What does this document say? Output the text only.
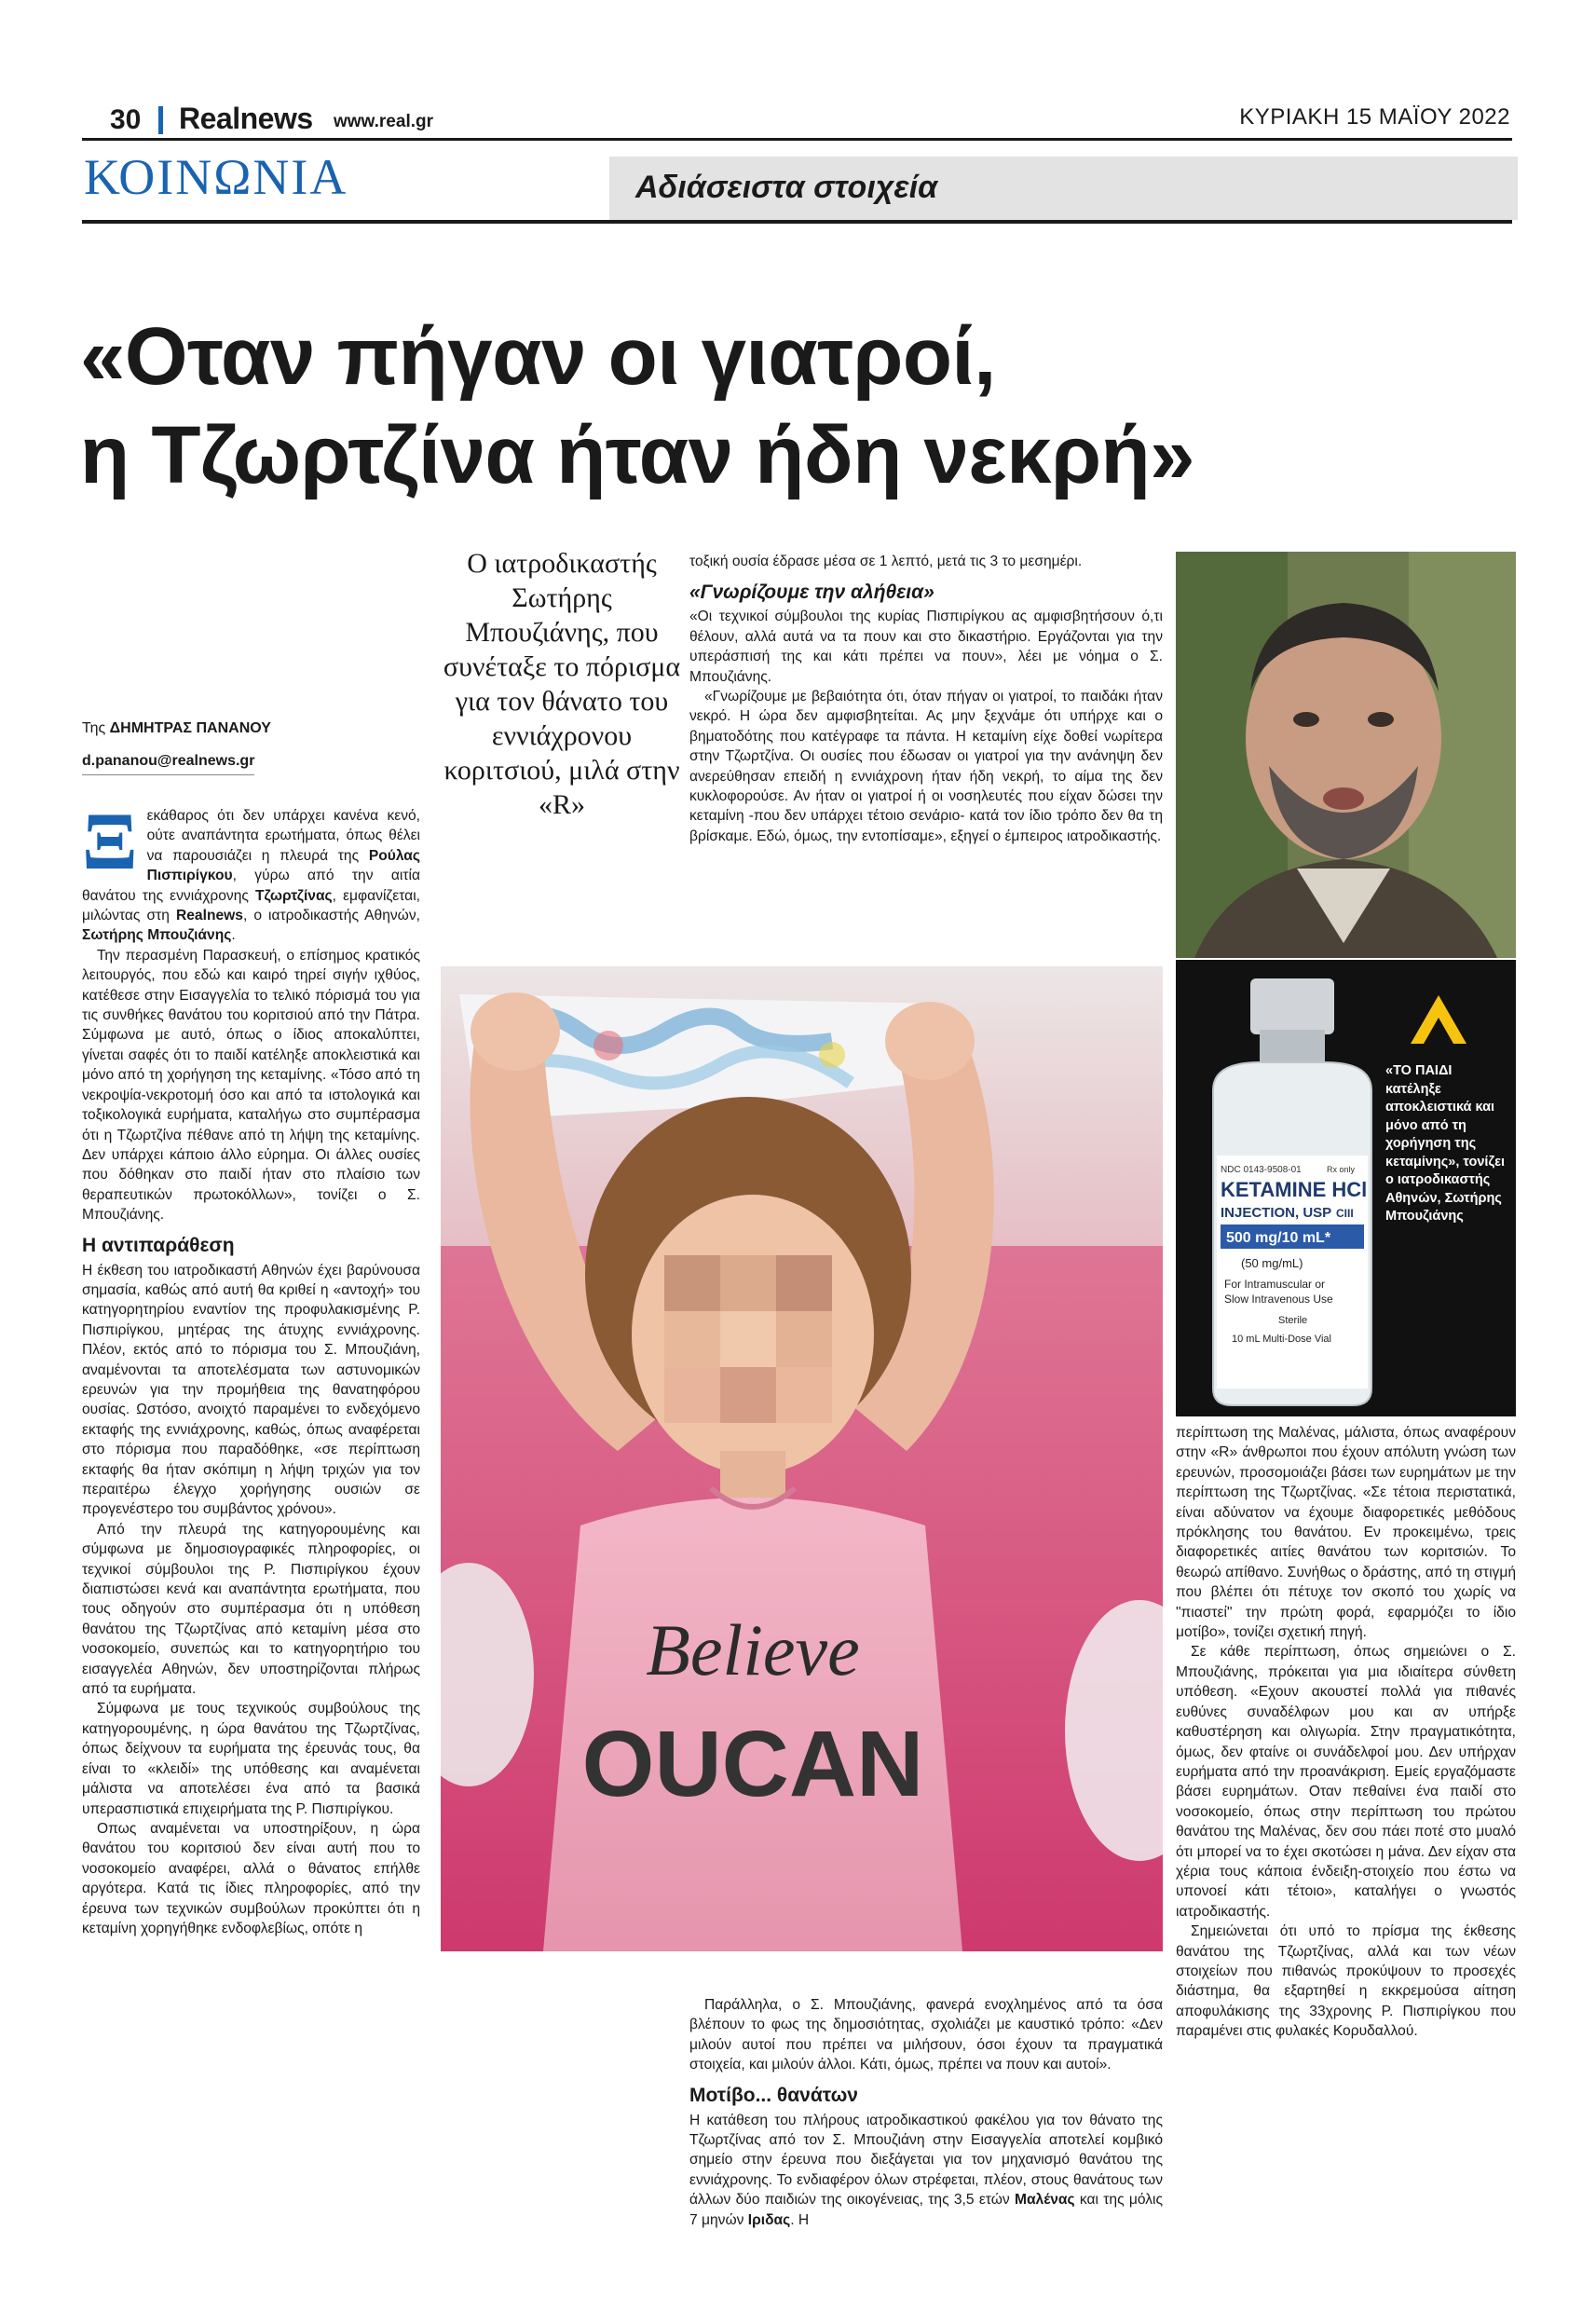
30 Realnews www.real.gr	ΚΥΡΙΑΚΗ 15 ΜΑΪΟΥ 2022
ΚΟΙΝΩΝΙΑ	Αδιάσειστα στοιχεία
«Οταν πήγαν οι γιατροί,
η Τζωρτζίνα ήταν ήδη νεκρή»
Ο ιατροδικαστής Σωτήρης Μπουζιάνης, που συνέταξε το πόρισμα για τον θάνατο του εννιάχρονου κοριτσιού, μιλά στην «R»
Της ΔΗΜΗΤΡΑΣ ΠΑΝΑΝΟΥ
d.pananou@realnews.gr

Ξεκάθαρος ότι δεν υπάρχει κανένα κενό, ούτε αναπάντητα ερωτήματα, όπως θέλει να παρουσιάζει η πλευρά της Ρούλας Πισπιρίγκου, γύρω από την αιτία θανάτου της εννιάχρονης Τζωρτζίνας, εμφανίζεται, μιλώντας στη Realnews, ο ιατροδικαστής Αθηνών, Σωτήρης Μπουζιάνης.

Την περασμένη Παρασκευή, ο επίσημος κρατικός λειτουργός, που εδώ και καιρό τηρεί σιγήν ιχθύος, κατέθεσε στην Εισαγγελία το τελικό πόρισμά του για τις συνθήκες θανάτου του κοριτσιού από την Πάτρα. Σύμφωνα με αυτό, όπως ο ίδιος αποκαλύπτει, γίνεται σαφές ότι το παιδί κατέληξε αποκλειστικά και μόνο από τη χορήγηση της κεταμίνης. «Τόσο από τη νεκροψία-νεκροτομή όσο και από τα ιστολογικά και τοξικολογικά ευρήματα, καταλήγω στο συμπέρασμα ότι η Τζωρτζίνα πέθανε από τη λήψη της κεταμίνης. Δεν υπάρχει κάποιο άλλο εύρημα. Οι άλλες ουσίες που δόθηκαν στο παιδί ήταν στο πλαίσιο των θεραπευτικών πρωτοκόλλων», τονίζει ο Σ. Μπουζιάνης.

Η αντιπαράθεση

Η έκθεση του ιατροδικαστή Αθηνών έχει βαρύνουσα σημασία, καθώς από αυτή θα κριθεί η «αντοχή» του κατηγορητηρίου εναντίον της προφυλακισμένης Ρ. Πισπιρίγκου, μητέρας της άτυχης εννιάχρονης. Πλέον, εκτός από το πόρισμα του Σ. Μπουζιάνη, αναμένονται τα αποτελέσματα των αστυνομικών ερευνών για την προμήθεια της θανατηφόρου ουσίας. Ωστόσο, ανοιχτό παραμένει το ενδεχόμενο εκταφής της εννιάχρονης, καθώς, όπως αναφέρεται στο πόρισμα που παραδόθηκε, «σε περίπτωση εκταφής θα ήταν σκόπιμη η λήψη τριχών για τον περαιτέρω έλεγχο χορήγησης ουσιών σε προγενέστερο του συμβάντος χρόνου».

Από την πλευρά της κατηγορουμένης και σύμφωνα με δημοσιογραφικές πληροφορίες, οι τεχνικοί σύμβουλοι της Ρ. Πισπιρίγκου έχουν διαπιστώσει κενά και αναπάντητα ερωτήματα, που τους οδηγούν στο συμπέρασμα ότι η υπόθεση θανάτου της Τζωρτζίνας από κεταμίνη μέσα στο νοσοκομείο, συνεπώς και το κατηγορητήριο του εισαγγελέα Αθηνών, δεν υποστηρίζονται πλήρως από τα ευρήματα.

Σύμφωνα με τους τεχνικούς συμβούλους της κατηγορουμένης, η ώρα θανάτου της Τζωρτζίνας, όπως δείχνουν τα ευρήματα της έρευνάς τους, θα είναι το «κλειδί» της υπόθεσης και αναμένεται μάλιστα να αποτελέσει ένα από τα βασικά υπερασπιστικά επιχειρήματα της Ρ. Πισπιρίγκου.

Οπως αναμένεται να υποστηρίξουν, η ώρα θανάτου του κοριτσιού δεν είναι αυτή που το νοσοκομείο αναφέρει, αλλά ο θάνατος επήλθε αργότερα. Κατά τις ίδιες πληροφορίες, από την έρευνα των τεχνικών συμβούλων προκύπτει ότι η κεταμίνη χορηγήθηκε ενδοφλεβίως, οπότε η

τοξική ουσία έδρασε μέσα σε 1 λεπτό, μετά τις 3 το μεσημέρι.

«Γνωρίζουμε την αλήθεια»

«Οι τεχνικοί σύμβουλοι της κυρίας Πισπιρίγκου ας αμφισβητήσουν ό,τι θέλουν, αλλά αυτά να τα πουν και στο δικαστήριο. Εργάζονται για την υπεράσπισή της και κάτι πρέπει να πουν», λέει με νόημα ο Σ. Μπουζιάνης.

«Γνωρίζουμε με βεβαιότητα ότι, όταν πήγαν οι γιατροί, το παιδάκι ήταν νεκρό. Η ώρα δεν αμφισβητείται. Ας μην ξεχνάμε ότι υπήρχε και ο βηματοδότης που κατέγραφε τα πάντα. Η κεταμίνη είχε δοθεί νωρίτερα στην Τζωρτζίνα. Οι ουσίες που έδωσαν οι γιατροί για την ανάνηψη δεν ανερεύθησαν επειδή η εννιάχρονη ήταν ήδη νεκρή, το αίμα της δεν κυκλοφορούσε. Αν ήταν οι γιατροί ή οι νοσηλευτές που είχαν δώσει την κεταμίνη -που δεν υπάρχει τέτοιο σενάριο- κατά τον ίδιο τρόπο δεν θα τη βρίσκαμε. Εδώ, όμως, την εντοπίσαμε», εξηγεί ο έμπειρος ιατροδικαστής.

Believe
OUCAN

Παράλληλα, ο Σ. Μπουζιάνης, φανερά ενοχλημένος από τα όσα βλέπουν το φως της δημοσιότητας, σχολιάζει με καυστικό τρόπο: «Δεν μιλούν αυτοί που πρέπει να μιλήσουν, όσοι έχουν τα πραγματικά στοιχεία, και μιλούν άλλοι. Κάτι, όμως, πρέπει να πουν και αυτοί».

Μοτίβο... θανάτων

Η κατάθεση του πλήρους ιατροδικαστικού φακέλου για τον θάνατο της Τζωρτζίνας από τον Σ. Μπουζιάνη στην Εισαγγελία αποτελεί κομβικό σημείο στην έρευνα που διεξάγεται για τον μηχανισμό θανάτου της εννιάχρονης. Το ενδιαφέρον όλων στρέφεται, πλέον, στους θανάτους των άλλων δύο παιδιών της οικογένειας, της 3,5 ετών Μαλένας και της μόλις 7 μηνών Ιριδας. Η

NDC 0143-9508-01	Rx only
KETAMINE HCl
INJECTION, USP CIII
500 mg/10 mL*
(50 mg/mL)
For Intramuscular or
Slow Intravenous Use
Sterile
10 mL Multi-Dose Vial
«ΤΟ ΠΑΙΔΙ κατέληξε αποκλειστικά και μόνο από τη χορήγηση της κεταμίνης», τονίζει ο ιατροδικαστής Αθηνών, Σωτήρης Μπουζιάνης

περίπτωση της Μαλένας, μάλιστα, όπως αναφέρουν στην «R» άνθρωποι που έχουν απόλυτη γνώση των ερευνών, προσομοιάζει βάσει των ευρημάτων με την περίπτωση της Τζωρτζίνας. «Σε τέτοια περιστατικά, είναι αδύνατον να έχουμε διαφορετικές μεθόδους πρόκλησης του θανάτου. Εν προκειμένω, τρεις διαφορετικές αιτίες θανάτου των κοριτσιών. Το θεωρώ απίθανο. Συνήθως ο δράστης, από τη στιγμή που βλέπει ότι πέτυχε τον σκοπό του χωρίς να "πιαστεί" την πρώτη φορά, εφαρμόζει το ίδιο μοτίβο», τονίζει σχετική πηγή.

Σε κάθε περίπτωση, όπως σημειώνει ο Σ. Μπουζιάνης, πρόκειται για μια ιδιαίτερα σύνθετη υπόθεση. «Εχουν ακουστεί πολλά για πιθανές ευθύνες συναδέλφων μου και αν υπήρξε καθυστέρηση και ολιγωρία. Στην πραγματικότητα, όμως, δεν φταίνε οι συνάδελφοί μου. Δεν υπήρχαν ευρήματα από την προανάκριση. Εμείς εργαζόμαστε βάσει ευρημάτων. Οταν πεθαίνει ένα παιδί στο νοσοκομείο, όπως στην περίπτωση του πρώτου θανάτου της Μαλένας, δεν σου πάει ποτέ στο μυαλό ότι μπορεί να το έχει σκοτώσει η μάνα. Δεν είχαν στα χέρια τους κάποια ένδειξη-στοιχείο που έστω να υπονοεί κάτι τέτοιο», καταλήγει ο γνωστός ιατροδικαστής.

Σημειώνεται ότι υπό το πρίσμα της έκθεσης θανάτου της Τζωρτζίνας, αλλά και των νέων στοιχείων που πιθανώς προκύψουν το προσεχές διάστημα, θα εξαρτηθεί η εκκρεμούσα αίτηση αποφυλάκισης της 33χρονης Ρ. Πισπιρίγκου που παραμένει στις φυλακές Κορυδαλλού.
